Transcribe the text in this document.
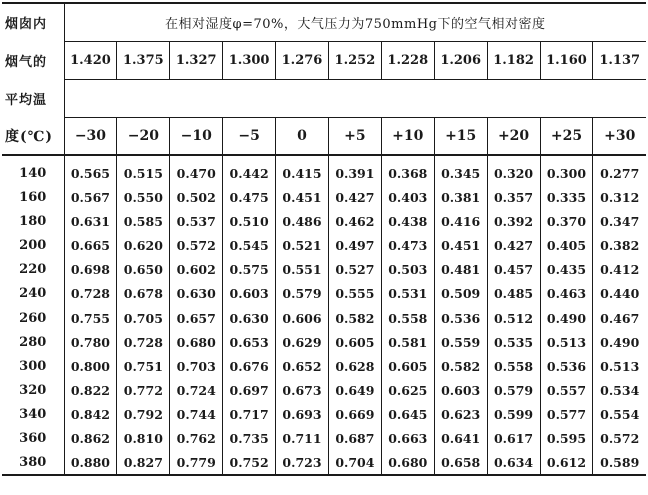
烟囱内	在相对湿度φ=70%，大气压力为750mmHg下的空气相对密度										
烟气的	1.420	1.375	1.327	1.300	1.276	1.252	1.228	1.206	1.182	1.160	1.137
平均温											
度(℃)	−30	−20	−10	−5	0	+5	+10	+15	+20	+25	+30
140	0.565	0.515	0.470	0.442	0.415	0.391	0.368	0.345	0.320	0.300	0.277
160	0.567	0.550	0.502	0.475	0.451	0.427	0.403	0.381	0.357	0.335	0.312
180	0.631	0.585	0.537	0.510	0.486	0.462	0.438	0.416	0.392	0.370	0.347
200	0.665	0.620	0.572	0.545	0.521	0.497	0.473	0.451	0.427	0.405	0.382
220	0.698	0.650	0.602	0.575	0.551	0.527	0.503	0.481	0.457	0.435	0.412
240	0.728	0.678	0.630	0.603	0.579	0.555	0.531	0.509	0.485	0.463	0.440
260	0.755	0.705	0.657	0.630	0.606	0.582	0.558	0.536	0.512	0.490	0.467
280	0.780	0.728	0.680	0.653	0.629	0.605	0.581	0.559	0.535	0.513	0.490
300	0.800	0.751	0.703	0.676	0.652	0.628	0.605	0.582	0.558	0.536	0.513
320	0.822	0.772	0.724	0.697	0.673	0.649	0.625	0.603	0.579	0.557	0.534
340	0.842	0.792	0.744	0.717	0.693	0.669	0.645	0.623	0.599	0.577	0.554
360	0.862	0.810	0.762	0.735	0.711	0.687	0.663	0.641	0.617	0.595	0.572
380	0.880	0.827	0.779	0.752	0.723	0.704	0.680	0.658	0.634	0.612	0.589
